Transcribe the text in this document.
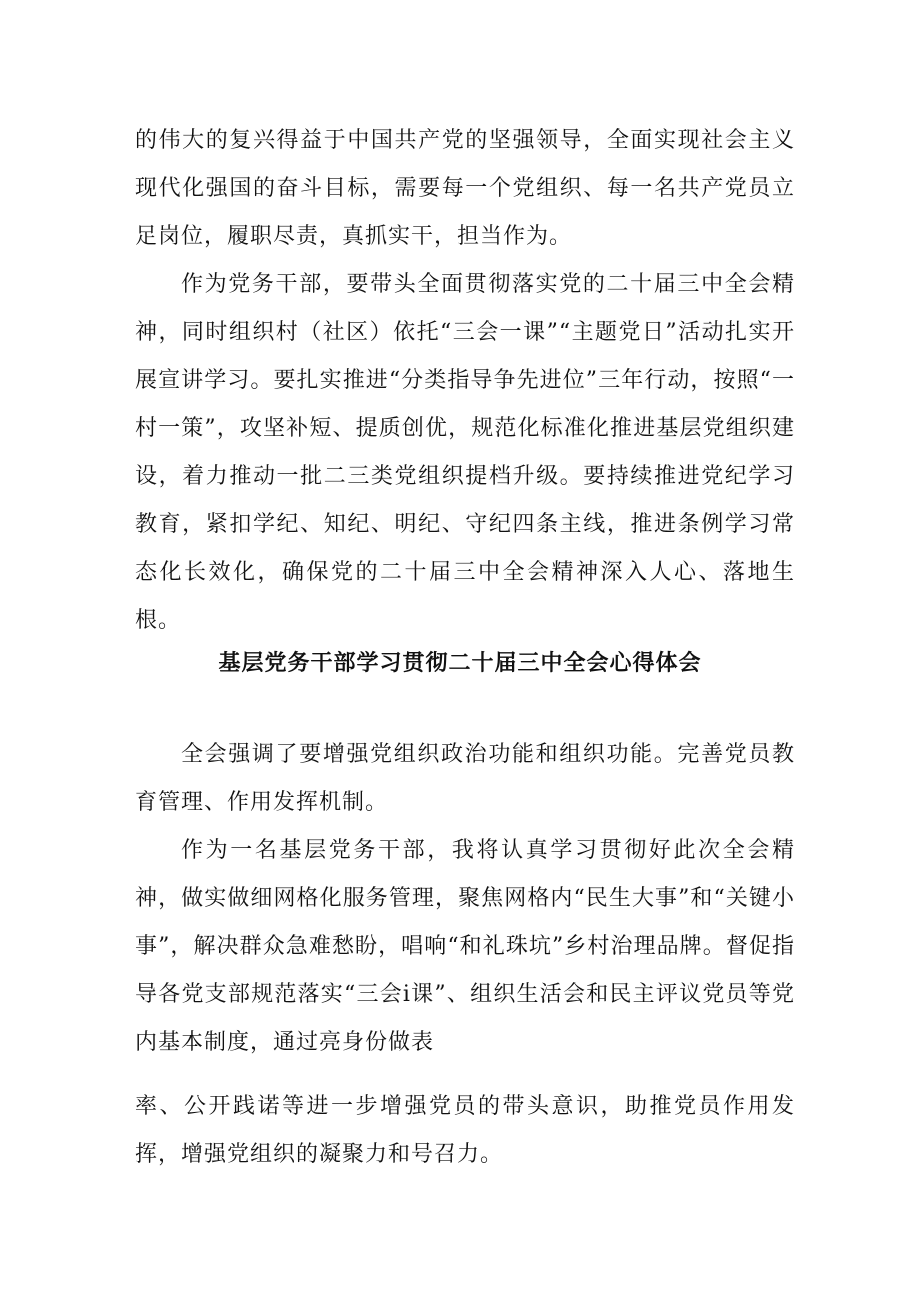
的伟大的复兴得益于中国共产党的坚强领导，全面实现社会主义现代化强国的奋斗目标，需要每一个党组织、每一名共产党员立足岗位，履职尽责，真抓实干，担当作为。

作为党务干部，要带头全面贯彻落实党的二十届三中全会精神，同时组织村（社区）依托“三会一课”“主题党日”活动扎实开展宣讲学习。要扎实推进“分类指导争先进位”三年行动，按照“一村一策”，攻坚补短、提质创优，规范化标准化推进基层党组织建设，着力推动一批二三类党组织提档升级。要持续推进党纪学习教育，紧扣学纪、知纪、明纪、守纪四条主线，推进条例学习常态化长效化，确保党的二十届三中全会精神深入人心、落地生根。

基层党务干部学习贯彻二十届三中全会心得体会

全会强调了要增强党组织政治功能和组织功能。完善党员教育管理、作用发挥机制。

作为一名基层党务干部，我将认真学习贯彻好此次全会精神，做实做细网格化服务管理，聚焦网格内“民生大事”和“关键小事”，解决群众急难愁盼，唱响“和礼珠坑”乡村治理品牌。督促指导各党支部规范落实“三会i课”、组织生活会和民主评议党员等党内基本制度，通过亮身份做表

率、公开践诺等进一步增强党员的带头意识，助推党员作用发挥，增强党组织的凝聚力和号召力。
